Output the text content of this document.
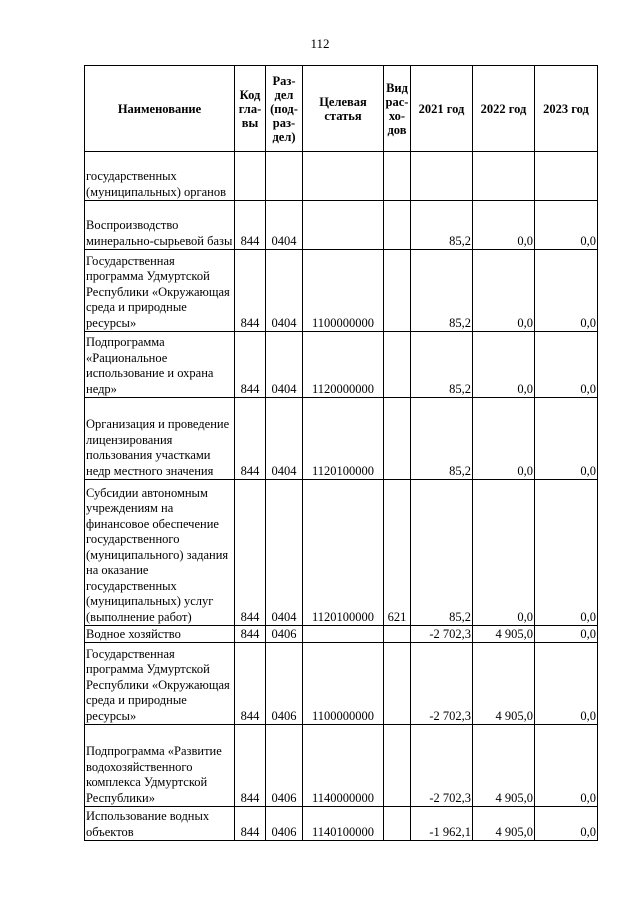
112
Наименование	Код гла-вы	Раз-дел (под-раз-дел)	Целевая статья	Вид рас-хо-дов	2021 год	2022 год	2023 год
государственных (муниципальных) органов							
Воспроизводство минерально-сырьевой базы	844	0404			85,2	0,0	0,0
Государственная программа Удмуртской Республики «Окружающая среда и природные ресурсы»	844	0404	1100000000		85,2	0,0	0,0
Подпрограмма «Рациональное использование и охрана недр»	844	0404	1120000000		85,2	0,0	0,0
Организация и проведение лицензирования пользования участками недр местного значения	844	0404	1120100000		85,2	0,0	0,0
Субсидии автономным учреждениям на финансовое обеспечение государственного (муниципального) задания на оказание государственных (муниципальных) услуг (выполнение работ)	844	0404	1120100000	621	85,2	0,0	0,0
Водное хозяйство	844	0406			-2 702,3	4 905,0	0,0
Государственная программа Удмуртской Республики «Окружающая среда и природные ресурсы»	844	0406	1100000000		-2 702,3	4 905,0	0,0
Подпрограмма «Развитие водохозяйственного комплекса Удмуртской Республики»	844	0406	1140000000		-2 702,3	4 905,0	0,0
Использование водных объектов	844	0406	1140100000		-1 962,1	4 905,0	0,0
